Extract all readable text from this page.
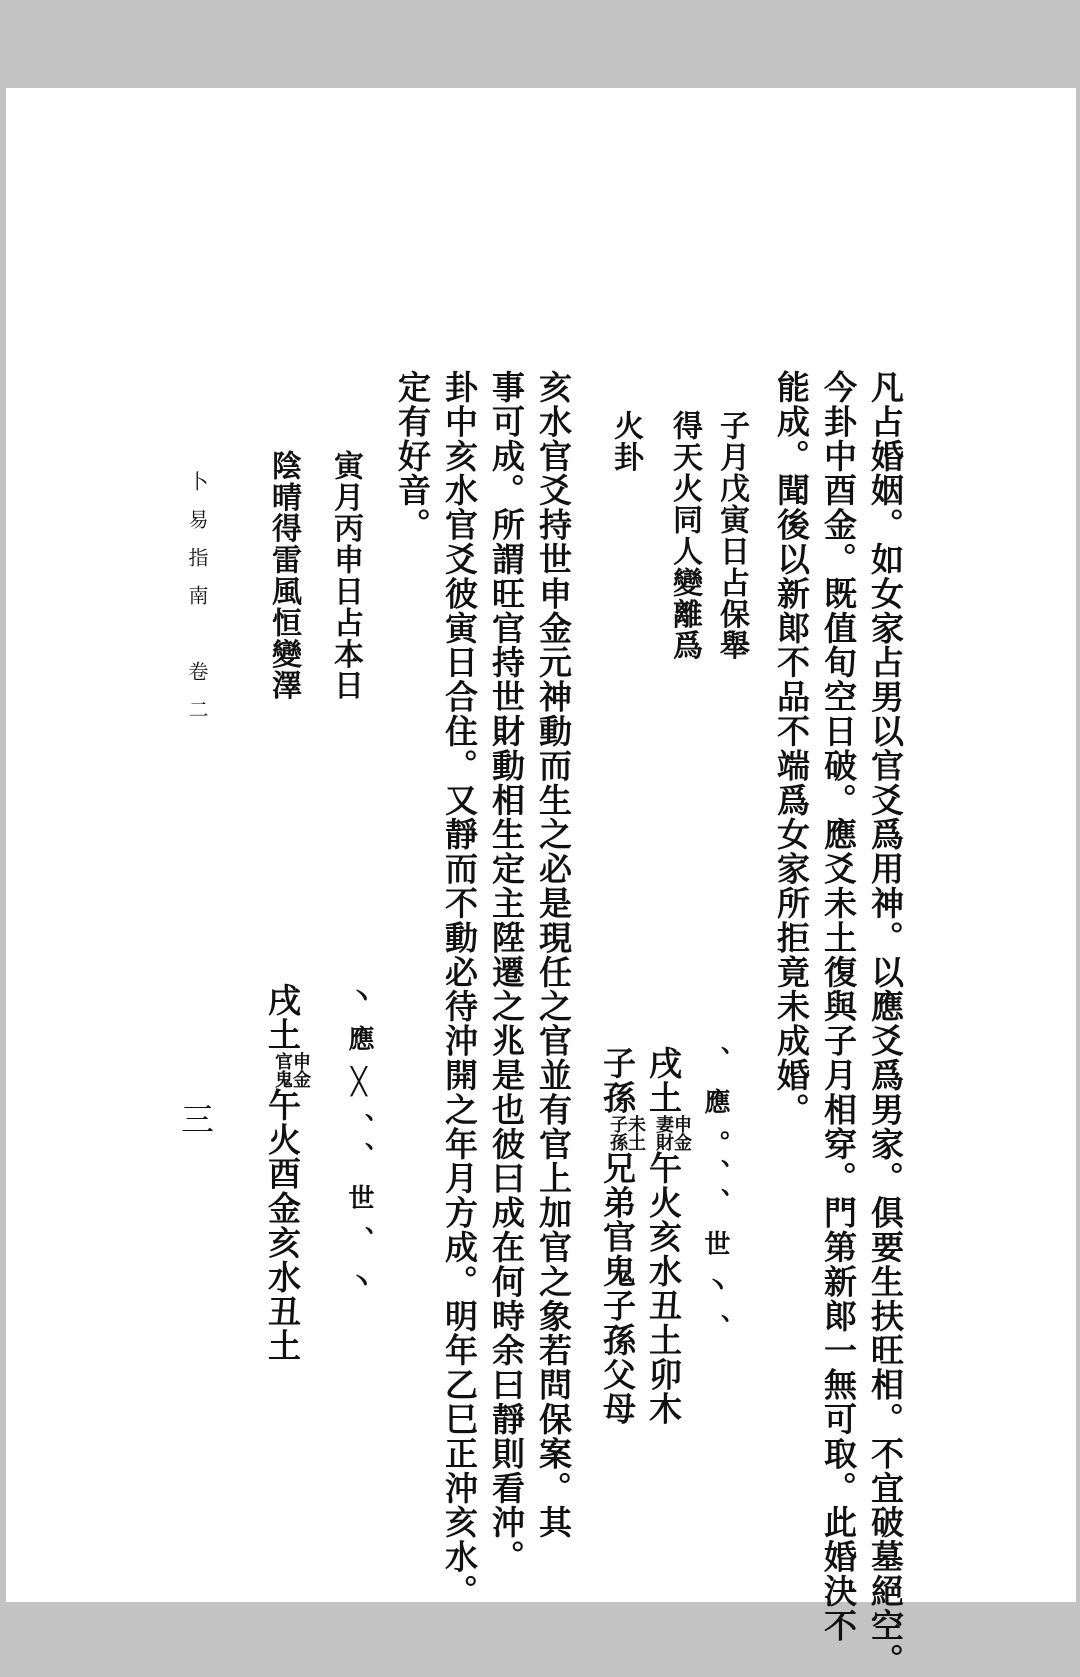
凡占婚姻。如女家占男以官爻爲用神。以應爻爲男家。俱要生扶旺相。不宜破墓絕空。
今卦中酉金。既值旬空日破。應爻未土復與子月相穿。門第新郞一無可取。此婚決不
能成。聞後以新郞不品不端爲女家所拒竟未成婚。
子月戊寅日占保舉
得天火同人變離爲
火卦
、應。、、世丶、
戌土申金
妻財午火亥水丑土卯木
子孫未土
子孫兄弟官鬼子孫父母
亥水官爻持世申金元神動而生之必是現任之官並有官上加官之象若問保案。其
事可成。所謂旺官持世財動相生定主陞遷之兆是也彼曰成在何時余曰靜則看沖。
卦中亥水官爻彼寅日合住。又靜而不動必待沖開之年月方成。明年乙巳正沖亥水。
定有好音。
寅月丙申日占本日
陰晴得雷風恒變澤
丶應╳、、世、丶
戌土申金
官鬼午火酉金亥水丑土
卜易指南　卷二
三
